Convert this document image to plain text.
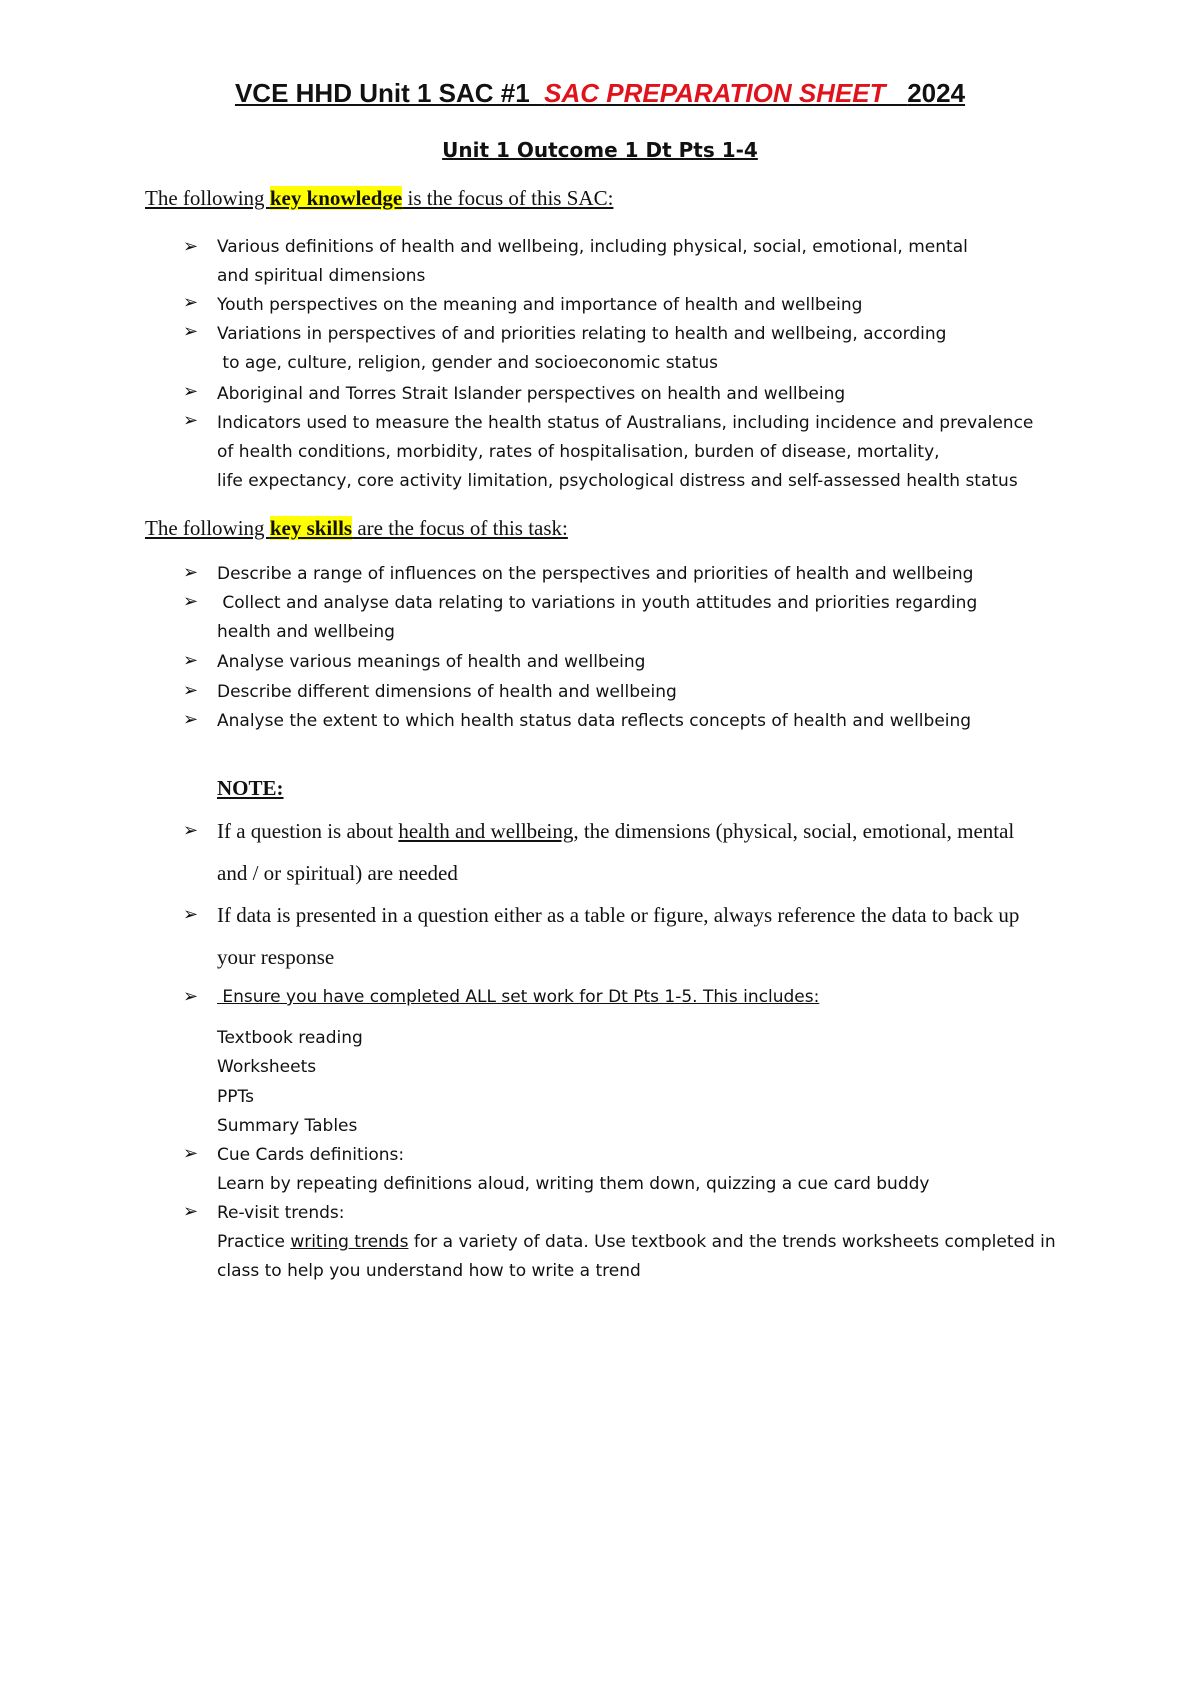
VCE HHD Unit 1 SAC #1  SAC PREPARATION SHEET   2024
Unit 1 Outcome 1 Dt Pts 1-4
The following key knowledge is the focus of this SAC:
➢ Various definitions of health and wellbeing, including physical, social, emotional, mental
and spiritual dimensions
➢ Youth perspectives on the meaning and importance of health and wellbeing
➢ Variations in perspectives of and priorities relating to health and wellbeing, according
to age, culture, religion, gender and socioeconomic status
➢ Aboriginal and Torres Strait Islander perspectives on health and wellbeing
➢ Indicators used to measure the health status of Australians, including incidence and prevalence
of health conditions, morbidity, rates of hospitalisation, burden of disease, mortality,
life expectancy, core activity limitation, psychological distress and self-assessed health status
The following key skills are the focus of this task:
➢ Describe a range of influences on the perspectives and priorities of health and wellbeing
➢ Collect and analyse data relating to variations in youth attitudes and priorities regarding
health and wellbeing
➢ Analyse various meanings of health and wellbeing
➢ Describe different dimensions of health and wellbeing
➢ Analyse the extent to which health status data reflects concepts of health and wellbeing
NOTE:
➢ If a question is about health and wellbeing, the dimensions (physical, social, emotional, mental
and / or spiritual) are needed
➢ If data is presented in a question either as a table or figure, always reference the data to back up
your response
➢ Ensure you have completed ALL set work for Dt Pts 1-5. This includes:
Textbook reading
Worksheets
PPTs
Summary Tables
➢ Cue Cards definitions:
Learn by repeating definitions aloud, writing them down, quizzing a cue card buddy
➢ Re-visit trends:
Practice writing trends for a variety of data. Use textbook and the trends worksheets completed in
class to help you understand how to write a trend
